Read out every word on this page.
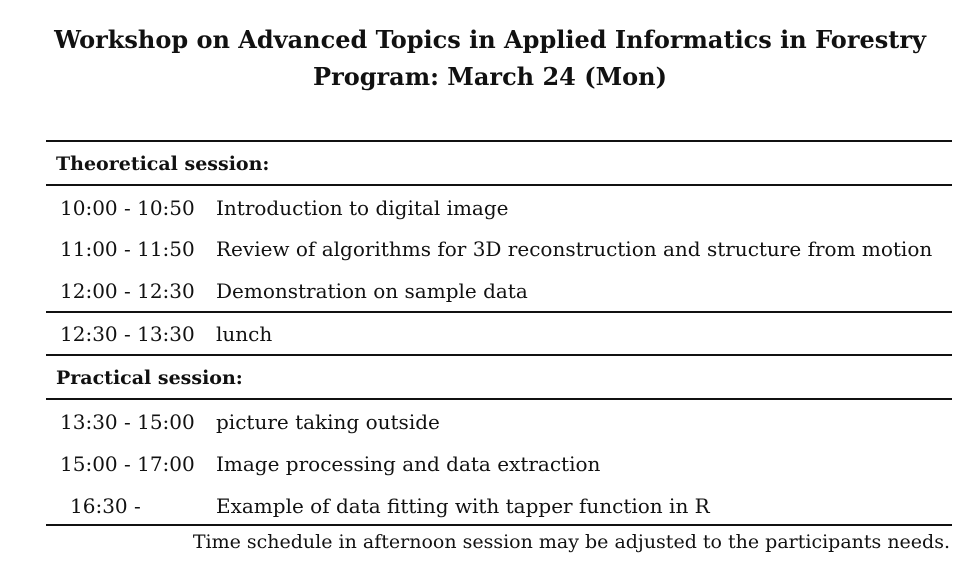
Workshop on Advanced Topics in Applied Informatics in Forestry
Program: March 24 (Mon)
Theoretical session:
10:00 - 10:50 Introduction to digital image
11:00 - 11:50 Review of algorithms for 3D reconstruction and structure from motion
12:00 - 12:30 Demonstration on sample data
12:30 - 13:30 lunch
Practical session:
13:30 - 15:00 picture taking outside
15:00 - 17:00 Image processing and data extraction
16:30 -	Example of data fitting with tapper function in R
Time schedule in afternoon session may be adjusted to the participants needs.
